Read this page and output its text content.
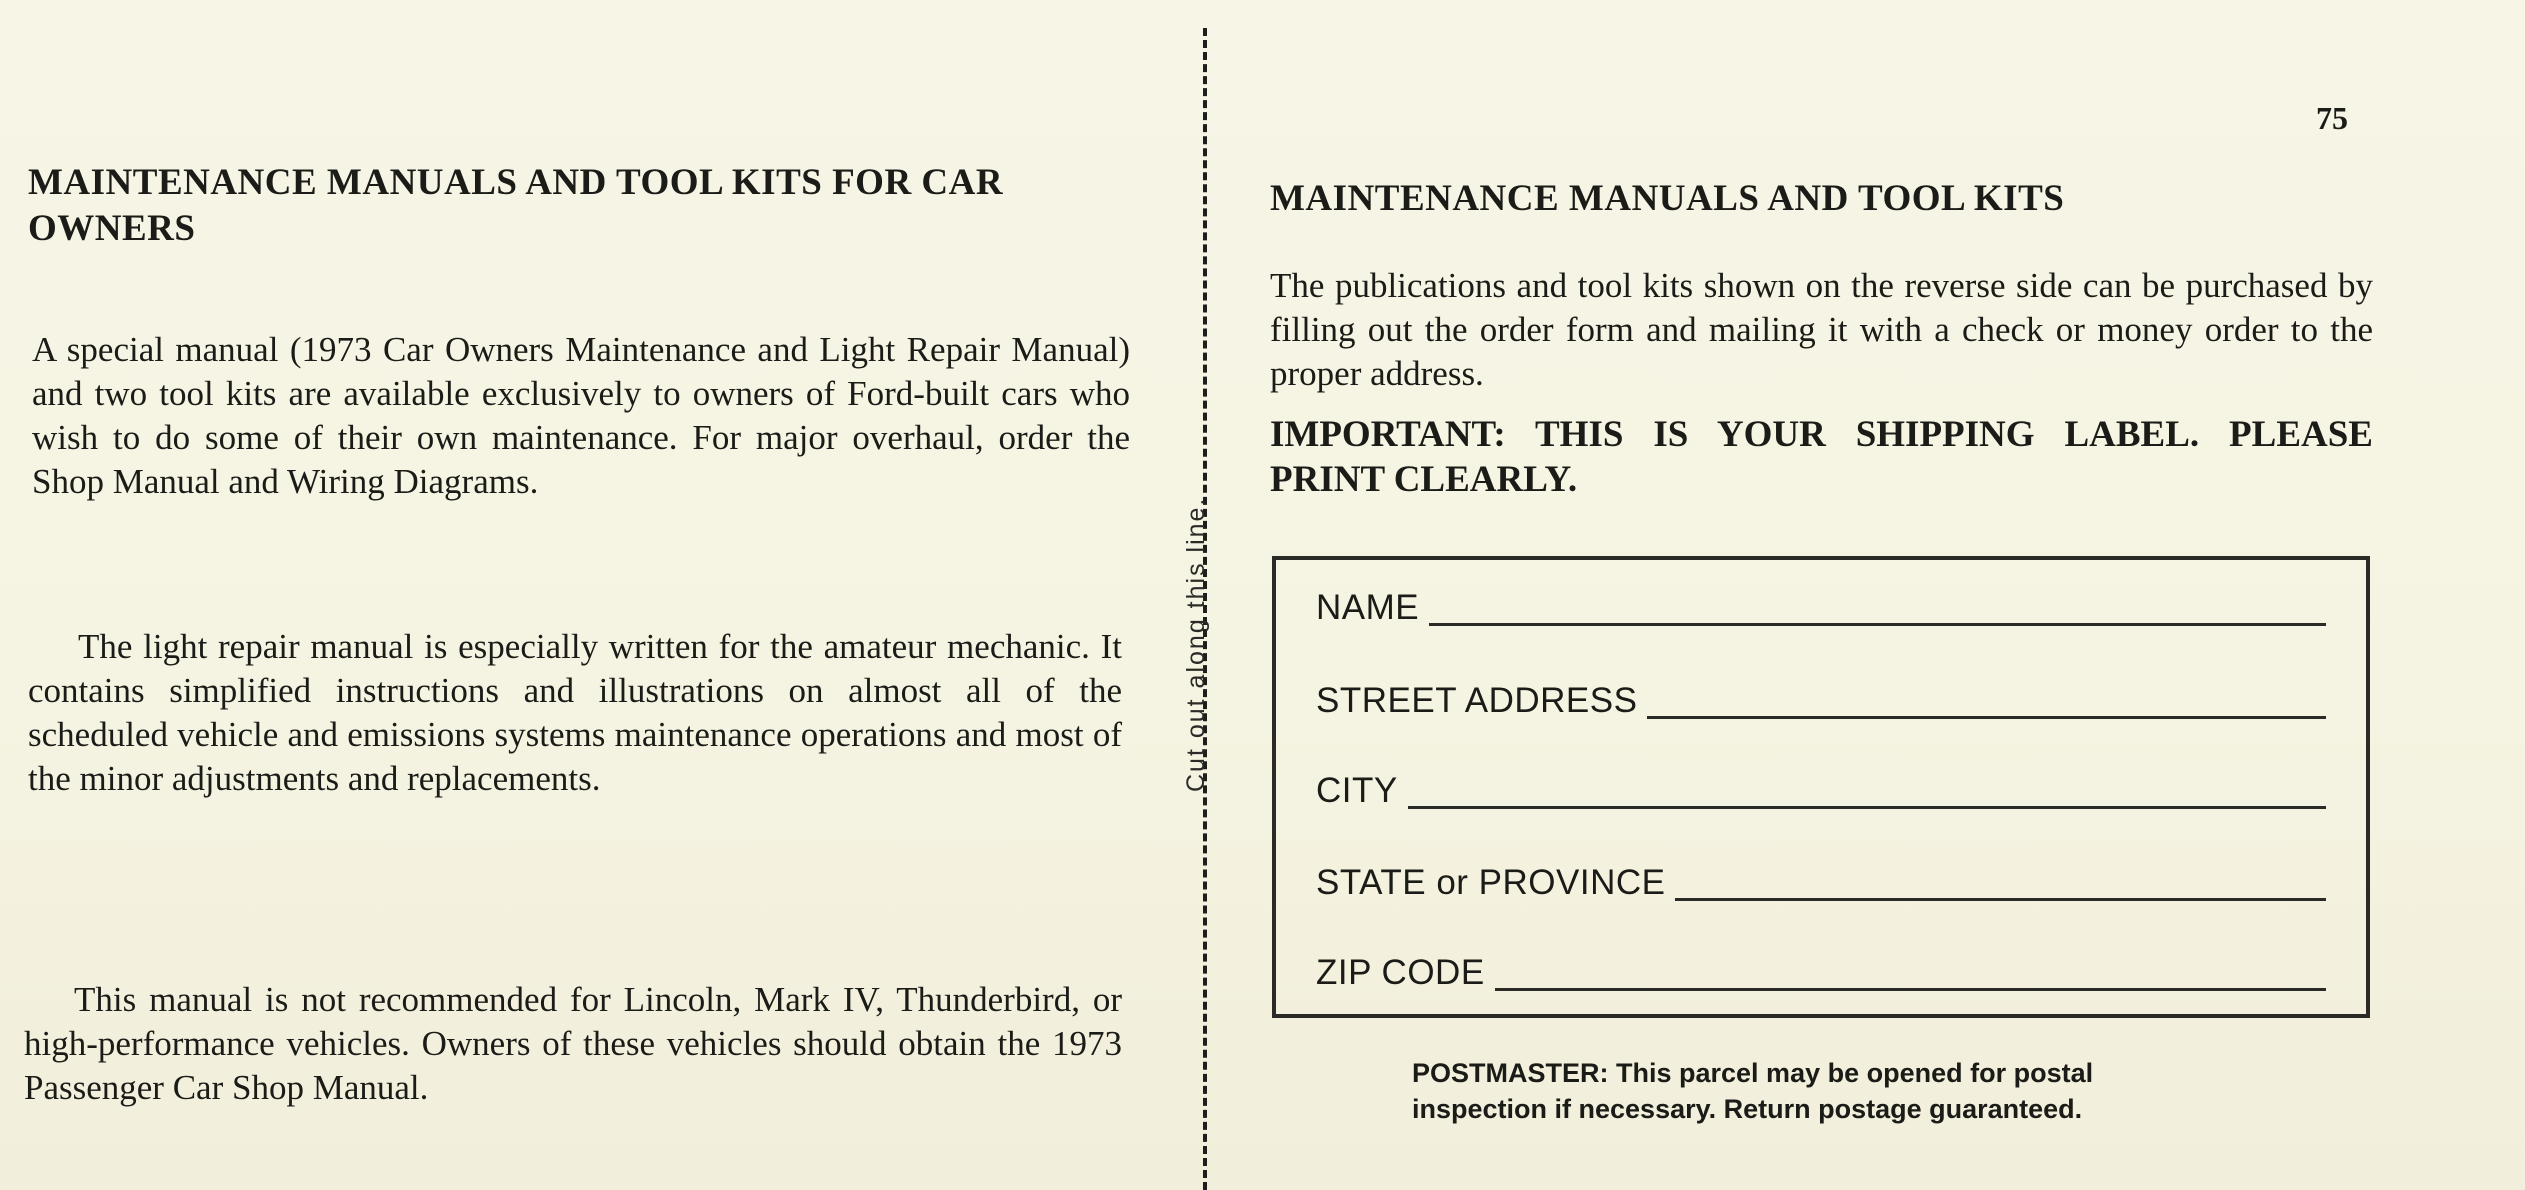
MAINTENANCE MANUALS AND TOOL KITS FOR CAR
OWNERS

A special manual (1973 Car Owners Maintenance and Light Repair Manual) and two tool kits are available exclusively to owners of Ford-built cars who wish to do some of their own maintenance. For major overhaul, order the Shop Manual and Wiring Diagrams.

The light repair manual is especially written for the amateur mechanic. It contains simplified instructions and illustrations on almost all of the scheduled vehicle and emissions systems maintenance operations and most of the minor adjustments and replacements.

This manual is not recommended for Lincoln, Mark IV, Thunderbird, or high-performance vehicles. Owners of these vehicles should obtain the 1973 Passenger Car Shop Manual.

Cut out along this line.
75
MAINTENANCE MANUALS AND TOOL KITS

The publications and tool kits shown on the reverse side can be purchased by filling out the order form and mailing it with a check or money order to the proper address.

IMPORTANT: THIS IS YOUR SHIPPING LABEL. PLEASE PRINT CLEARLY.
NAME
STREET ADDRESS
CITY
STATE or PROVINCE
ZIP CODE
POSTMASTER: This parcel may be opened for postal
inspection if necessary. Return postage guaranteed.
